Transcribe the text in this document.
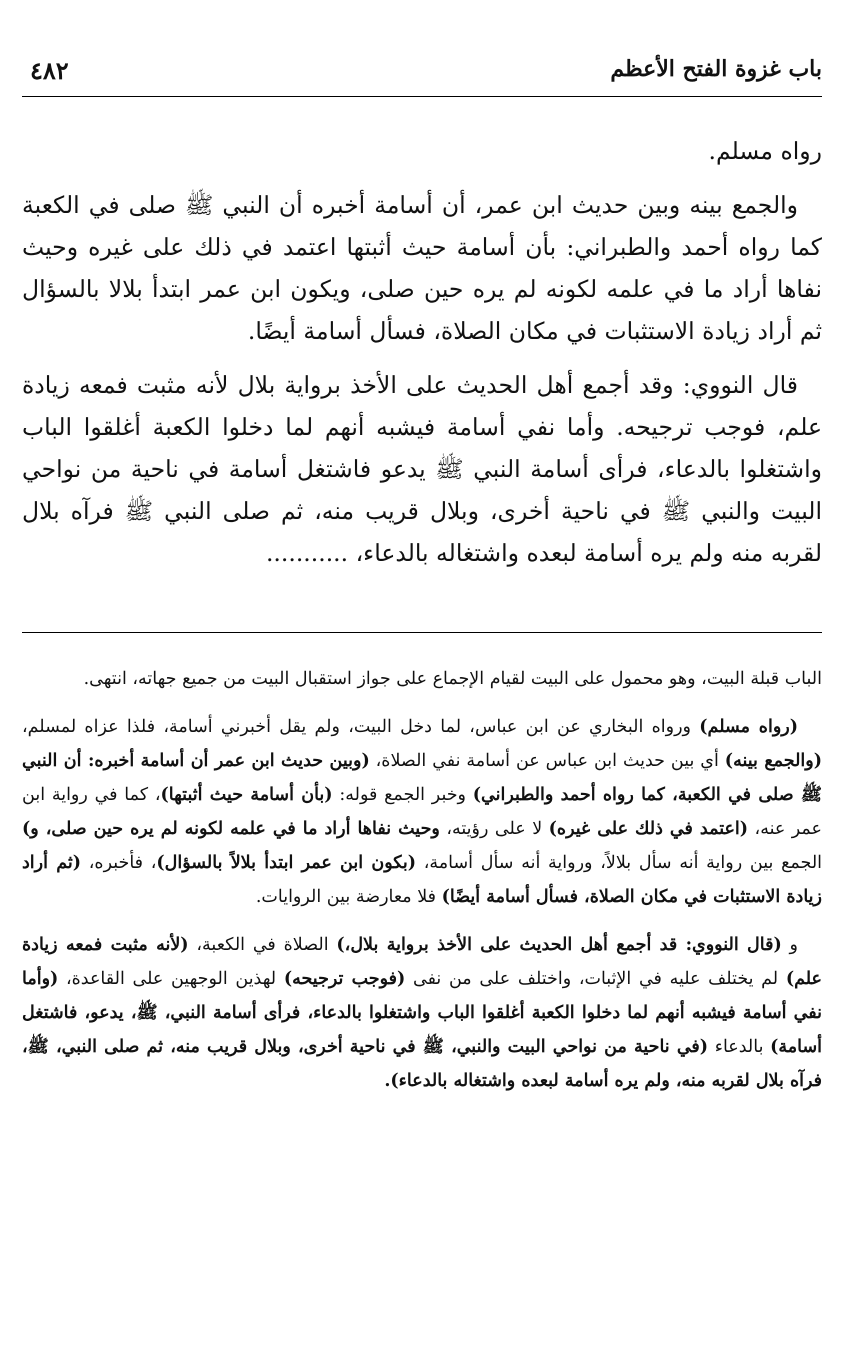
باب غزوة الفتح الأعظم
٤٨٢

رواه مسلم.

والجمع بينه وبين حديث ابن عمر، أن أسامة أخبره أن النبي ﷺ صلى في الكعبة كما رواه أحمد والطبراني: بأن أسامة حيث أثبتها اعتمد في ذلك على غيره وحيث نفاها أراد ما في علمه لكونه لم يره حين صلى، ويكون ابن عمر ابتدأ بلالا بالسؤال ثم أراد زيادة الاستثبات في مكان الصلاة، فسأل أسامة أيضًا.

قال النووي: وقد أجمع أهل الحديث على الأخذ برواية بلال لأنه مثبت فمعه زيادة علم، فوجب ترجيحه. وأما نفي أسامة فيشبه أنهم لما دخلوا الكعبة أغلقوا الباب واشتغلوا بالدعاء، فرأى أسامة النبي ﷺ يدعو فاشتغل أسامة في ناحية من نواحي البيت والنبي ﷺ في ناحية أخرى، وبلال قريب منه، ثم صلى النبي ﷺ فرآه بلال لقربه منه ولم يره أسامة لبعده واشتغاله بالدعاء، ...........

الباب قبلة البيت، وهو محمول على البيت لقيام الإجماع على جواز استقبال البيت من جميع جهاته، انتهى.

(رواه مسلم) ورواه البخاري عن ابن عباس، لما دخل البيت، ولم يقل أخبرني أسامة، فلذا عزاه لمسلم، (والجمع بينه) أي بين حديث ابن عباس عن أسامة نفي الصلاة، (وبين حديث ابن عمر أن أسامة أخبره: أن النبي ﷺ صلى في الكعبة، كما رواه أحمد والطبراني) وخبر الجمع قوله: (بأن أسامة حيث أثبتها)، كما في رواية ابن عمر عنه، (اعتمد في ذلك على غيره) لا على رؤيته، وحيث نفاها أراد ما في علمه لكونه لم يره حين صلى، و) الجمع بين رواية أنه سأل بلالاً، ورواية أنه سأل أسامة، (بكون ابن عمر ابتدأ بلالاً بالسؤال)، فأخبره، (ثم أراد زيادة الاستثبات في مكان الصلاة، فسأل أسامة أيضًا) فلا معارضة بين الروايات.

و (قال النووي: قد أجمع أهل الحديث على الأخذ برواية بلال،) الصلاة في الكعبة، (لأنه مثبت فمعه زيادة علم) لم يختلف عليه في الإثبات، واختلف على من نفى (فوجب ترجيحه) لهذين الوجهين على القاعدة، (وأما نفي أسامة فيشبه أنهم لما دخلوا الكعبة أغلقوا الباب واشتغلوا بالدعاء، فرأى أسامة النبي، ﷺ، يدعو، فاشتغل أسامة) بالدعاء (في ناحية من نواحي البيت والنبي، ﷺ في ناحية أخرى، وبلال قريب منه، ثم صلى النبي، ﷺ، فرآه بلال لقربه منه، ولم يره أسامة لبعده واشتغاله بالدعاء).
